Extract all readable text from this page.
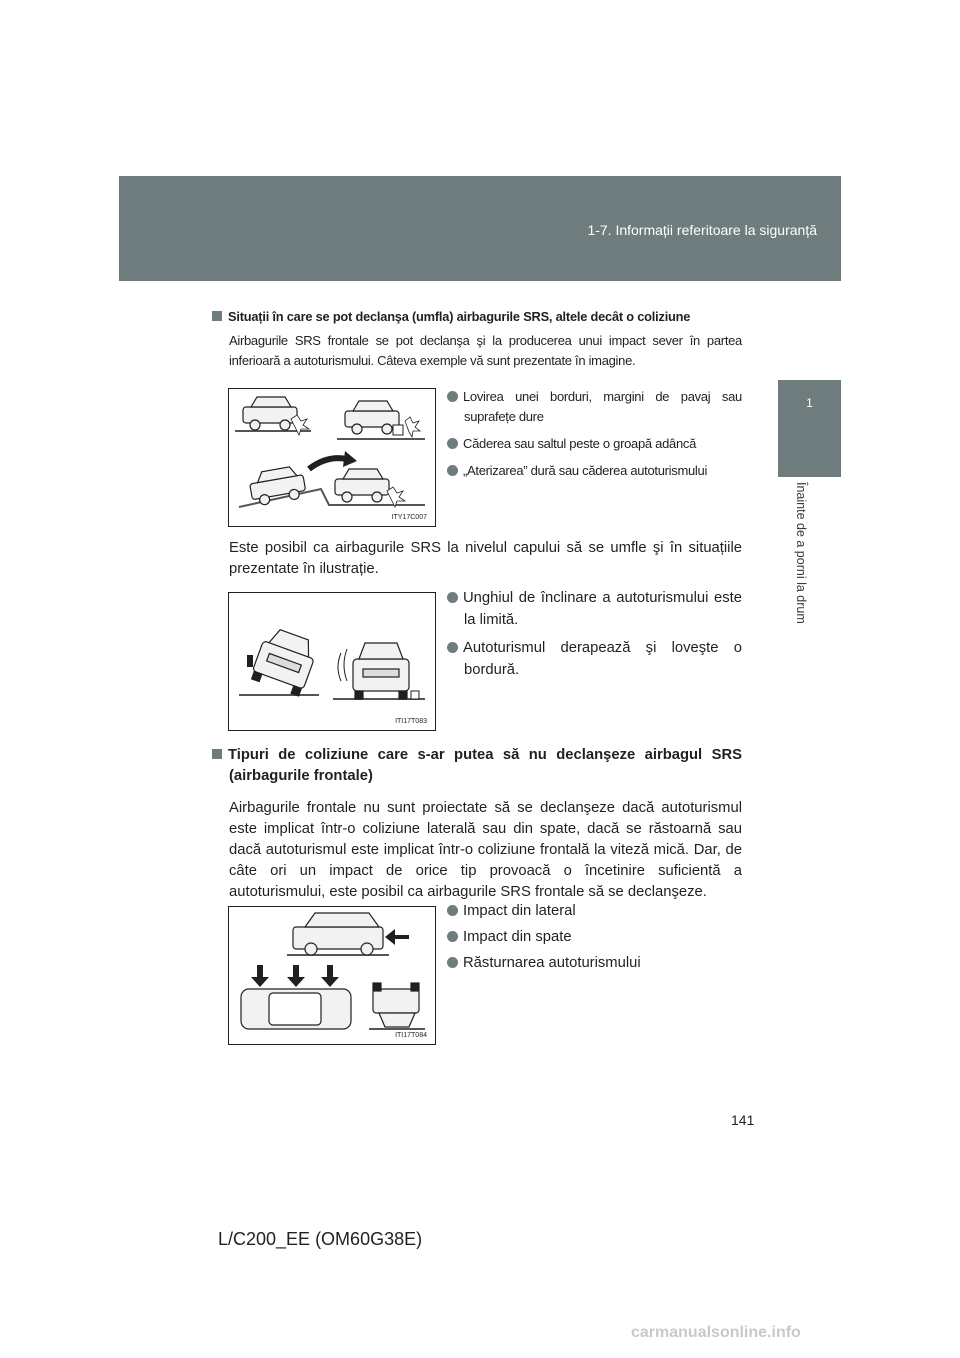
1-7. Informații referitoare la siguranță
1
Înainte de a porni la drum
Situații în care se pot declanşa (umfla) airbagurile SRS, altele decât o coliziune
Airbagurile SRS frontale se pot declanşa şi la producerea unui impact sever în partea inferioară a autoturismului. Câteva exemple vă sunt prezentate în imagine.
ITY17C007
Lovirea unei borduri, margini de pavaj sau suprafețe dure
Căderea sau saltul peste o groapă adâncă
„Aterizarea” dură sau căderea autoturismului
Este posibil ca airbagurile SRS la nivelul capului să se umfle şi în situațiile prezentate în ilustrație.
ITI17T083
Unghiul de înclinare a autoturismului este la limită.
Autoturismul derapează şi loveşte o bordură.
Tipuri de coliziune care s-ar putea să nu declanşeze airbagul SRS (airbagurile frontale)
Airbagurile frontale nu sunt proiectate să se declanşeze dacă autoturismul este implicat într-o coliziune laterală sau din spate, dacă se răstoarnă sau dacă autoturismul este implicat într-o coliziune frontală la viteză mică. Dar, de câte ori un impact de orice tip provoacă o încetinire suficientă a autoturismului, este posibil ca airbagurile SRS frontale să se declanşeze.
ITI17T084
Impact din lateral
Impact din spate
Răsturnarea autoturismului
141
L/C200_EE (OM60G38E)
carmanualsonline.info
